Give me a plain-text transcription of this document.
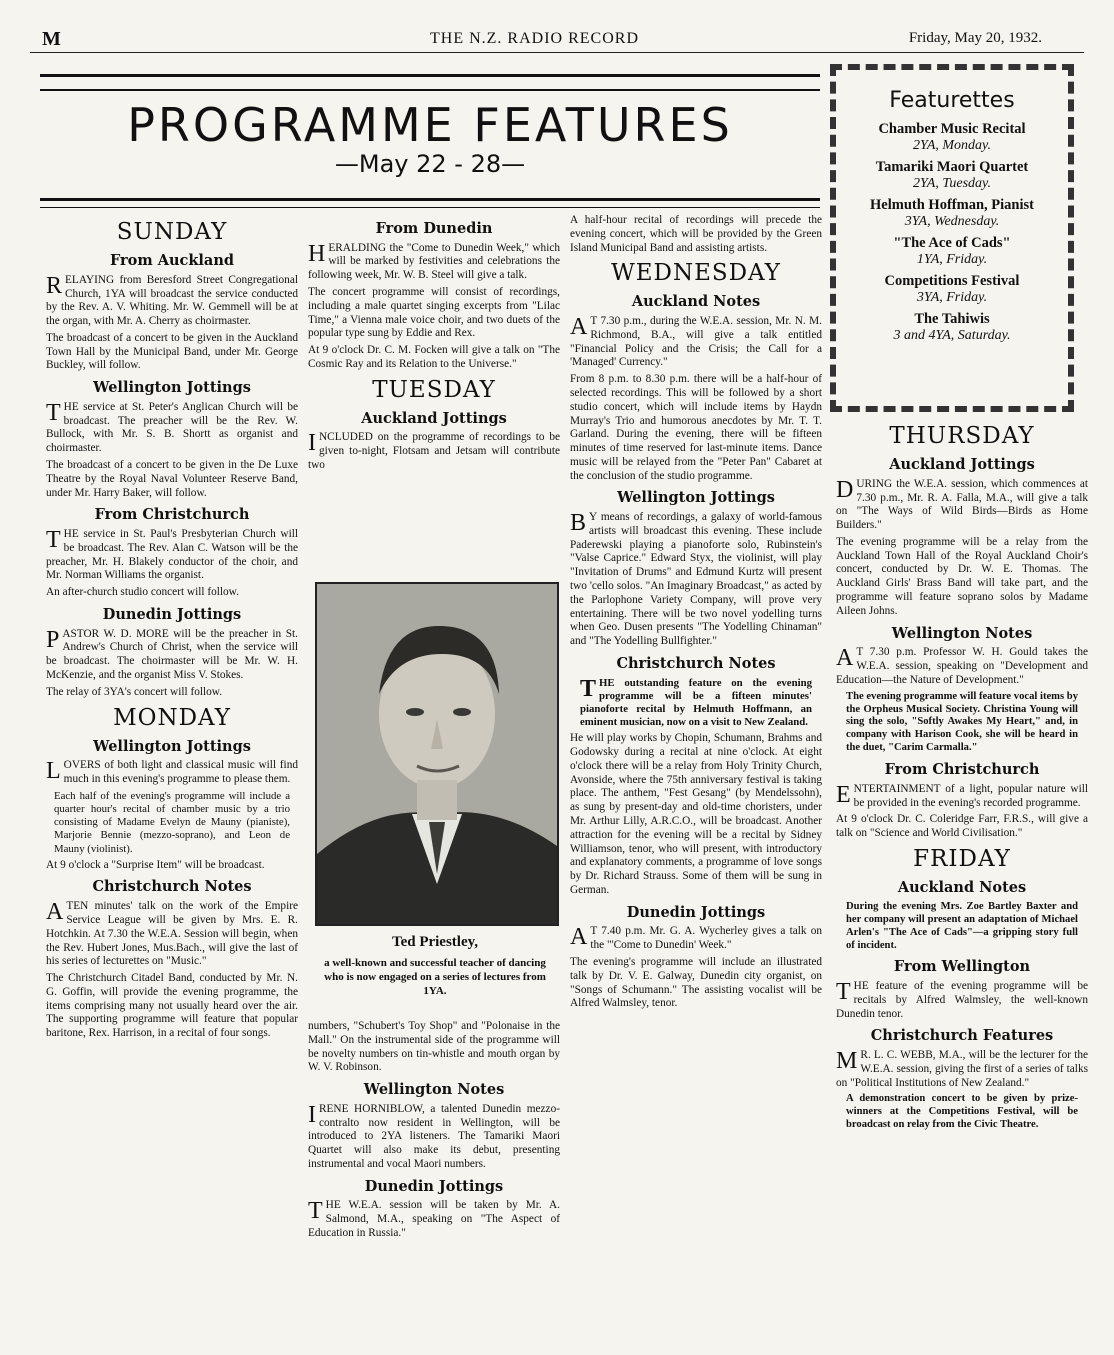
M	THE N.Z. RADIO RECORD	Friday, May 20, 1932.
PROGRAMME FEATURES
—May 22 - 28—
Featurettes
Chamber Music Recital
2YA, Monday.
Tamariki Maori Quartet
2YA, Tuesday.
Helmuth Hoffman, Pianist
3YA, Wednesday.
"The Ace of Cads"
1YA, Friday.
Competitions Festival
3YA, Friday.
The Tahiwis
3 and 4YA, Saturday.
SUNDAY
From Auckland

RELAYING from Beresford Street Congregational Church, 1YA will broadcast the service conducted by the Rev. A. V. Whiting. Mr. W. Gemmell will be at the organ, with Mr. A. Cherry as choirmaster.

The broadcast of a concert to be given in the Auckland Town Hall by the Municipal Band, under Mr. George Buckley, will follow.

Wellington Jottings

THE service at St. Peter's Anglican Church will be broadcast. The preacher will be the Rev. W. Bullock, with Mr. S. B. Shortt as organist and choirmaster.

The broadcast of a concert to be given in the De Luxe Theatre by the Royal Naval Volunteer Reserve Band, under Mr. Harry Baker, will follow.

From Christchurch

THE service in St. Paul's Presbyterian Church will be broadcast. The Rev. Alan C. Watson will be the preacher, Mr. H. Blakely conductor of the choir, and Mr. Norman Williams the organist.

An after-church studio concert will follow.

Dunedin Jottings

PASTOR W. D. MORE will be the preacher in St. Andrew's Church of Christ, when the service will be broadcast. The choirmaster will be Mr. W. H. McKenzie, and the organist Miss V. Stokes.

The relay of 3YA's concert will follow.

MONDAY
Wellington Jottings

LOVERS of both light and classical music will find much in this evening's programme to please them.

Each half of the evening's programme will include a quarter hour's recital of chamber music by a trio consisting of Madame Evelyn de Mauny (pianiste), Marjorie Bennie (mezzo-soprano), and Leon de Mauny (violinist).

At 9 o'clock a "Surprise Item" will be broadcast.

Christchurch Notes

ATEN minutes' talk on the work of the Empire Service League will be given by Mrs. E. R. Hotchkin. At 7.30 the W.E.A. Session will begin, when the Rev. Hubert Jones, Mus.Bach., will give the last of his series of lecturettes on "Music."

The Christchurch Citadel Band, conducted by Mr. N. G. Goffin, will provide the evening programme, the items comprising many not usually heard over the air. The supporting programme will feature that popular baritone, Rex. Harrison, in a recital of four songs.

From Dunedin

HERALDING the "Come to Dunedin Week," which will be marked by festivities and celebrations the following week, Mr. W. B. Steel will give a talk.

The concert programme will consist of recordings, including a male quartet singing excerpts from "Lilac Time," a Vienna male voice choir, and two duets of the popular type sung by Eddie and Rex.

At 9 o'clock Dr. C. M. Focken will give a talk on "The Cosmic Ray and its Relation to the Universe."

TUESDAY
Auckland Jottings

INCLUDED on the programme of recordings to be given to-night, Flotsam and Jetsam will contribute two

Ted Priestley,
a well-known and successful teacher of dancing who is now engaged on a series of lectures from 1YA.

numbers, "Schubert's Toy Shop" and "Polonaise in the Mall." On the instrumental side of the programme will be novelty numbers on tin-whistle and mouth organ by W. V. Robinson.

Wellington Notes

IRENE HORNIBLOW, a talented Dunedin mezzo-contralto now resident in Wellington, will be introduced to 2YA listeners. The Tamariki Maori Quartet will also make its debut, presenting instrumental and vocal Maori numbers.

Dunedin Jottings

THE W.E.A. session will be taken by Mr. A. Salmond, M.A., speaking on "The Aspect of Education in Russia."

A half-hour recital of recordings will precede the evening concert, which will be provided by the Green Island Municipal Band and assisting artists.

WEDNESDAY
Auckland Notes

A T 7.30 p.m., during the W.E.A. session, Mr. N. M. Richmond, B.A., will give a talk entitled "Financial Policy and the Crisis; the Call for a 'Managed' Currency."

From 8 p.m. to 8.30 p.m. there will be a half-hour of selected recordings. This will be followed by a short studio concert, which will include items by Haydn Murray's Trio and humorous anecdotes by Mr. T. T. Garland. During the evening, there will be fifteen minutes of time reserved for last-minute items. Dance music will be relayed from the "Peter Pan" Cabaret at the conclusion of the studio programme.

Wellington Jottings

B Y means of recordings, a galaxy of world-famous artists will broadcast this evening. These include Paderewski playing a pianoforte solo, Rubinstein's "Valse Caprice." Edward Styx, the violinist, will play "Invitation of Drums" and Edmund Kurtz will present two 'cello solos. "An Imaginary Broadcast," as acted by the Parlophone Variety Company, will prove very entertaining. There will be two novel yodelling turns when Geo. Dusen presents "The Yodelling Chinaman" and "The Yodelling Bullfighter."

Christchurch Notes

THE outstanding feature on the evening programme will be a fifteen minutes' pianoforte recital by Helmuth Hoffmann, an eminent musician, now on a visit to New Zealand.

He will play works by Chopin, Schumann, Brahms and Godowsky during a recital at nine o'clock. At eight o'clock there will be a relay from Holy Trinity Church, Avonside, where the 75th anniversary festival is taking place. The anthem, "Fest Gesang" (by Mendelssohn), as sung by present-day and old-time choristers, under Mr. Arthur Lilly, A.R.C.O., will be broadcast. Another attraction for the evening will be a recital by Sidney Williamson, tenor, who will present, with introductory and explanatory comments, a programme of love songs by Dr. Richard Strauss. Some of them will be sung in German.

Dunedin Jottings

A T 7.40 p.m. Mr. G. A. Wycherley gives a talk on the "'Come to Dunedin' Week."

The evening's programme will include an illustrated talk by Dr. V. E. Galway, Dunedin city organist, on "Songs of Schumann." The assisting vocalist will be Alfred Walmsley, tenor.

THURSDAY
Auckland Jottings

DURING the W.E.A. session, which commences at 7.30 p.m., Mr. R. A. Falla, M.A., will give a talk on "The Ways of Wild Birds—Birds as Home Builders."

The evening programme will be a relay from the Auckland Town Hall of the Royal Auckland Choir's concert, conducted by Dr. W. E. Thomas. The Auckland Girls' Brass Band will take part, and the programme will feature soprano solos by Madame Aileen Johns.

Wellington Notes

A T 7.30 p.m. Professor W. H. Gould takes the W.E.A. session, speaking on "Development and Education—the Nature of Development."

The evening programme will feature vocal items by the Orpheus Musical Society. Christina Young will sing the solo, "Softly Awakes My Heart," and, in company with Harison Cook, she will be heard in the duet, "Carim Carmalla."

From Christchurch

ENTERTAINMENT of a light, popular nature will be provided in the evening's recorded programme.

At 9 o'clock Dr. C. Coleridge Farr, F.R.S., will give a talk on "Science and World Civilisation."

FRIDAY
Auckland Notes

During the evening Mrs. Zoe Bartley Baxter and her company will present an adaptation of Michael Arlen's "The Ace of Cads"—a gripping story full of incident.

From Wellington

THE feature of the evening programme will be recitals by Alfred Walmsley, the well-known Dunedin tenor.

Christchurch Features

M R. L. C. WEBB, M.A., will be the lecturer for the W.E.A. session, giving the first of a series of talks on "Political Institutions of New Zealand."

A demonstration concert to be given by prize-winners at the Competitions Festival, will be broadcast on relay from the Civic Theatre.
